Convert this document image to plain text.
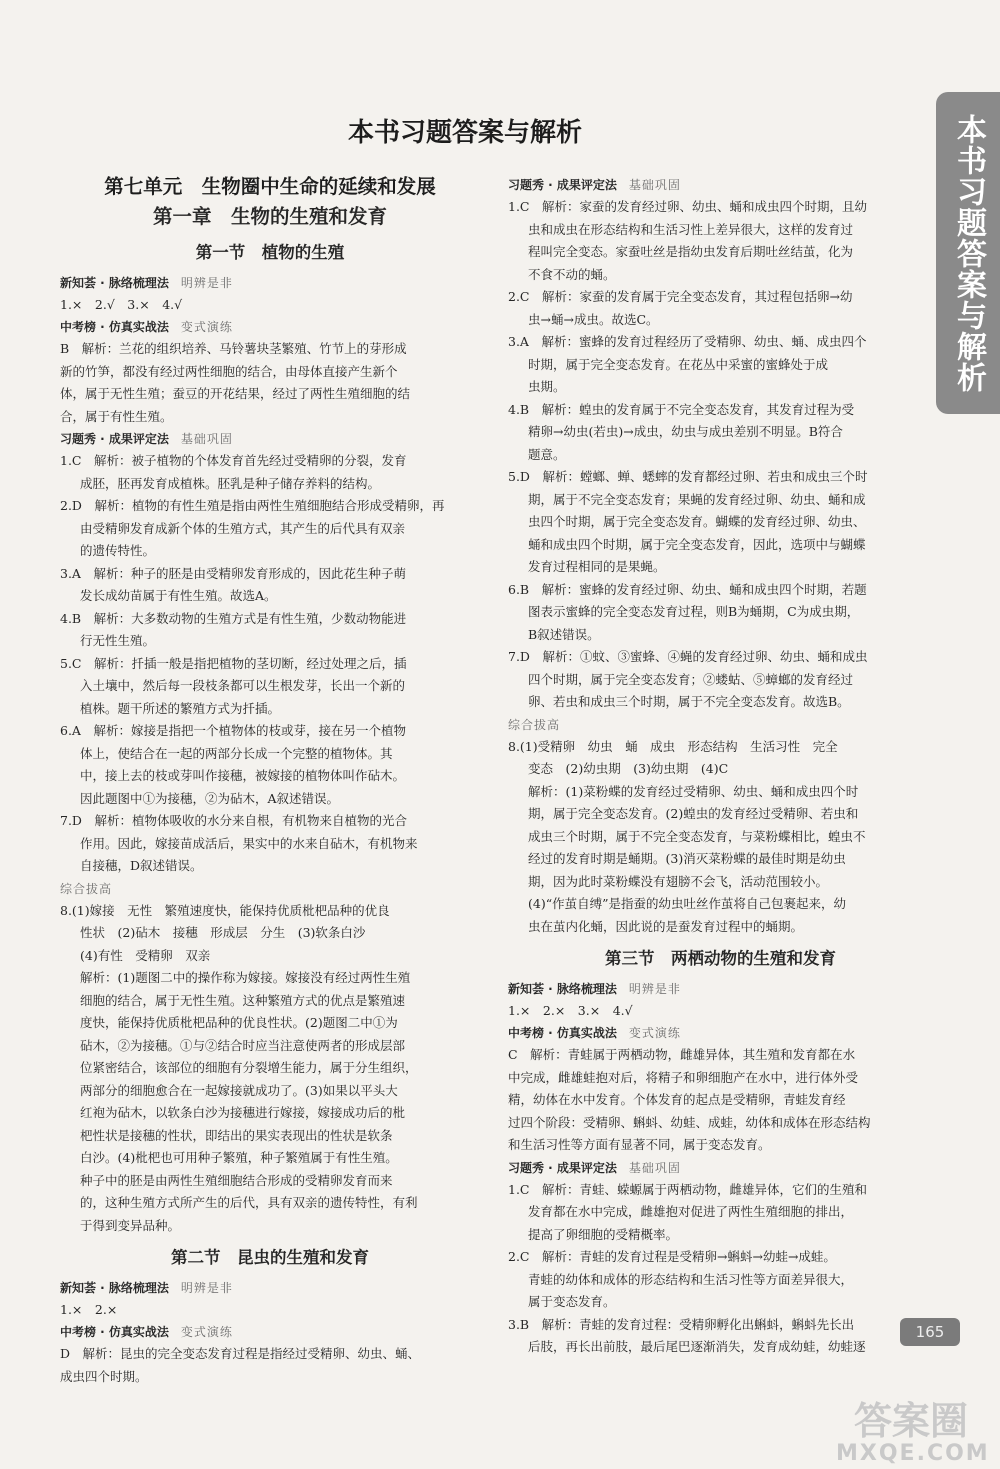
本书习题答案与解析	本书习题答案与解析
165
答案圈
MXQE.COM
第七单元　生物圈中生命的延续和发展
第一章　生物的生殖和发育
第一节　植物的生殖
新知荟 · 脉络梳理法 明辨是非
1.×　2.√　3.×　4.√
中考榜 · 仿真实战法 变式演练
B　解析：兰花的组织培养、马铃薯块茎繁殖、竹节上的芽形成
新的竹笋，都没有经过两性细胞的结合，由母体直接产生新个
体，属于无性生殖；蚕豆的开花结果，经过了两性生殖细胞的结
合，属于有性生殖。
习题秀 · 成果评定法 基础巩固
1.C　解析：被子植物的个体发育首先经过受精卵的分裂，发育
成胚，胚再发育成植株。胚乳是种子储存养料的结构。
2.D　解析：植物的有性生殖是指由两性生殖细胞结合形成受精卵，再
由受精卵发育成新个体的生殖方式，其产生的后代具有双亲
的遗传特性。
3.A　解析：种子的胚是由受精卵发育形成的，因此花生种子萌
发长成幼苗属于有性生殖。故选A。
4.B　解析：大多数动物的生殖方式是有性生殖，少数动物能进
行无性生殖。
5.C　解析：扦插一般是指把植物的茎切断，经过处理之后，插
入土壤中，然后每一段枝条都可以生根发芽，长出一个新的
植株。题干所述的繁殖方式为扦插。
6.A　解析：嫁接是指把一个植物体的枝或芽，接在另一个植物
体上，使结合在一起的两部分长成一个完整的植物体。其
中，接上去的枝或芽叫作接穗，被嫁接的植物体叫作砧木。
因此题图中①为接穗，②为砧木，A叙述错误。
7.D　解析：植物体吸收的水分来自根，有机物来自植物的光合
作用。因此，嫁接苗成活后，果实中的水来自砧木，有机物来
自接穗，D叙述错误。
综合拔高
8.(1)嫁接　无性　繁殖速度快，能保持优质枇杷品种的优良
性状　(2)砧木　接穗　形成层　分生　(3)软条白沙
(4)有性　受精卵　双亲
解析：(1)题图二中的操作称为嫁接。嫁接没有经过两性生殖
细胞的结合，属于无性生殖。这种繁殖方式的优点是繁殖速
度快，能保持优质枇杷品种的优良性状。(2)题图二中①为
砧木，②为接穗。①与②结合时应当注意使两者的形成层部
位紧密结合，该部位的细胞有分裂增生能力，属于分生组织，
两部分的细胞愈合在一起嫁接就成功了。(3)如果以平头大
红袍为砧木，以软条白沙为接穗进行嫁接，嫁接成功后的枇
杷性状是接穗的性状，即结出的果实表现出的性状是软条
白沙。(4)枇杷也可用种子繁殖，种子繁殖属于有性生殖。
种子中的胚是由两性生殖细胞结合形成的受精卵发育而来
的，这种生殖方式所产生的后代，具有双亲的遗传特性，有利
于得到变异品种。
第二节　昆虫的生殖和发育
新知荟 · 脉络梳理法 明辨是非
1.×　2.×
中考榜 · 仿真实战法 变式演练
D　解析：昆虫的完全变态发育过程是指经过受精卵、幼虫、蛹、
成虫四个时期。
习题秀 · 成果评定法 基础巩固
1.C　解析：家蚕的发育经过卵、幼虫、蛹和成虫四个时期，且幼
虫和成虫在形态结构和生活习性上差异很大，这样的发育过
程叫完全变态。家蚕吐丝是指幼虫发育后期吐丝结茧，化为
不食不动的蛹。
2.C　解析：家蚕的发育属于完全变态发育，其过程包括卵→幼
虫→蛹→成虫。故选C。
3.A　解析：蜜蜂的发育过程经历了受精卵、幼虫、蛹、成虫四个
时期，属于完全变态发育。在花丛中采蜜的蜜蜂处于成
虫期。
4.B　解析：蝗虫的发育属于不完全变态发育，其发育过程为受
精卵→幼虫(若虫)→成虫，幼虫与成虫差别不明显。B符合
题意。
5.D　解析：螳螂、蝉、蟋蟀的发育都经过卵、若虫和成虫三个时
期，属于不完全变态发育；果蝇的发育经过卵、幼虫、蛹和成
虫四个时期，属于完全变态发育。蝴蝶的发育经过卵、幼虫、
蛹和成虫四个时期，属于完全变态发育，因此，选项中与蝴蝶
发育过程相同的是果蝇。
6.B　解析：蜜蜂的发育经过卵、幼虫、蛹和成虫四个时期，若题
图表示蜜蜂的完全变态发育过程，则B为蛹期，C为成虫期，
B叙述错误。
7.D　解析：①蚊、③蜜蜂、④蝇的发育经过卵、幼虫、蛹和成虫
四个时期，属于完全变态发育；②蝼蛄、⑤蟑螂的发育经过
卵、若虫和成虫三个时期，属于不完全变态发育。故选B。
综合拔高
8.(1)受精卵　幼虫　蛹　成虫　形态结构　生活习性　完全
变态　(2)幼虫期　(3)幼虫期　(4)C
解析：(1)菜粉蝶的发育经过受精卵、幼虫、蛹和成虫四个时
期，属于完全变态发育。(2)蝗虫的发育经过受精卵、若虫和
成虫三个时期，属于不完全变态发育，与菜粉蝶相比，蝗虫不
经过的发育时期是蛹期。(3)消灭菜粉蝶的最佳时期是幼虫
期，因为此时菜粉蝶没有翅膀不会飞，活动范围较小。
(4)“作茧自缚”是指蚕的幼虫吐丝作茧将自己包裹起来，幼
虫在茧内化蛹，因此说的是蚕发育过程中的蛹期。
第三节　两栖动物的生殖和发育
新知荟 · 脉络梳理法 明辨是非
1.×　2.×　3.×　4.√
中考榜 · 仿真实战法 变式演练
C　解析：青蛙属于两栖动物，雌雄异体，其生殖和发育都在水
中完成，雌雄蛙抱对后，将精子和卵细胞产在水中，进行体外受
精，幼体在水中发育。个体发育的起点是受精卵，青蛙发育经
过四个阶段：受精卵、蝌蚪、幼蛙、成蛙，幼体和成体在形态结构
和生活习性等方面有显著不同，属于变态发育。
习题秀 · 成果评定法 基础巩固
1.C　解析：青蛙、蝾螈属于两栖动物，雌雄异体，它们的生殖和
发育都在水中完成，雌雄抱对促进了两性生殖细胞的排出，
提高了卵细胞的受精概率。
2.C　解析：青蛙的发育过程是受精卵→蝌蚪→幼蛙→成蛙。
青蛙的幼体和成体的形态结构和生活习性等方面差异很大，
属于变态发育。
3.B　解析：青蛙的发育过程：受精卵孵化出蝌蚪，蝌蚪先长出
后肢，再长出前肢，最后尾巴逐渐消失，发育成幼蛙，幼蛙逐
